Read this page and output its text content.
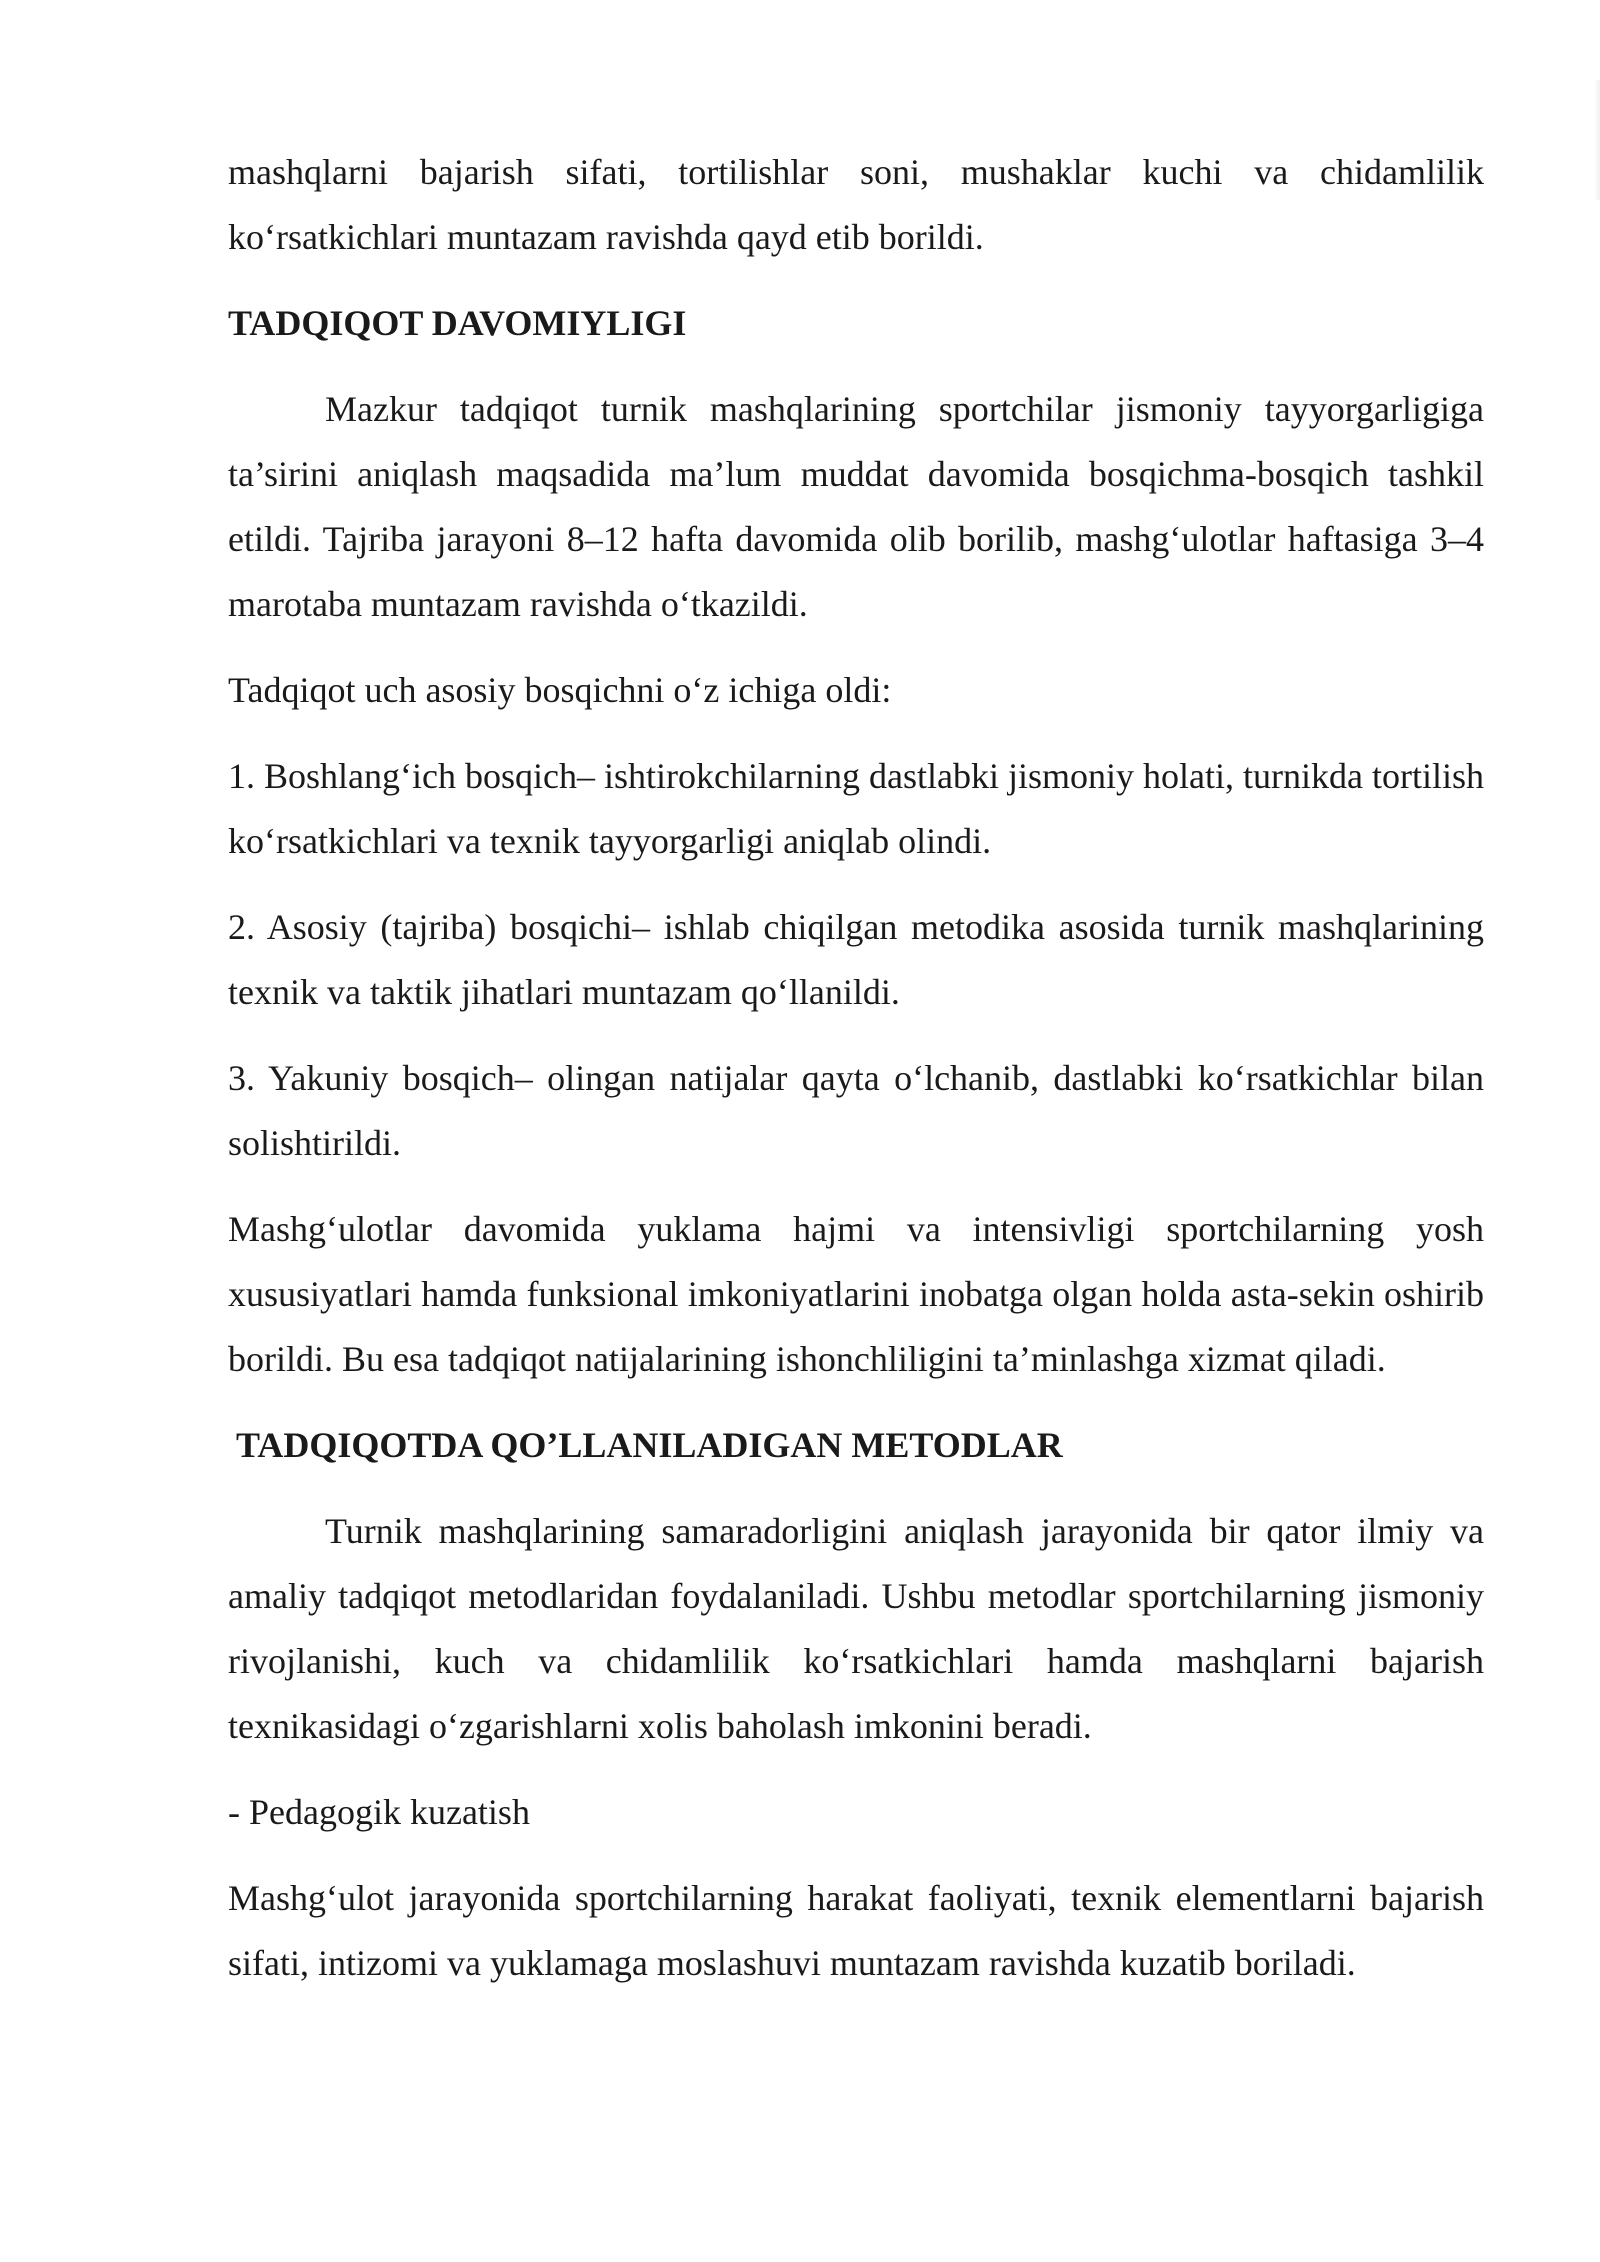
mashqlarni bajarish sifati, tortilishlar soni, mushaklar kuchi va chidamlilik ko‘rsatkichlari muntazam ravishda qayd etib borildi.

TADQIQOT DAVOMIYLIGI

Mazkur tadqiqot turnik mashqlarining sportchilar jismoniy tayyorgarligiga ta’sirini aniqlash maqsadida ma’lum muddat davomida bosqichma-bosqich tashkil etildi. Tajriba jarayoni 8–12 hafta davomida olib borilib, mashg‘ulotlar haftasiga 3–4 marotaba muntazam ravishda o‘tkazildi.

Tadqiqot uch asosiy bosqichni o‘z ichiga oldi:

1. Boshlang‘ich bosqich– ishtirokchilarning dastlabki jismoniy holati, turnikda tortilish ko‘rsatkichlari va texnik tayyorgarligi aniqlab olindi.

2. Asosiy (tajriba) bosqichi– ishlab chiqilgan metodika asosida turnik mashqlarining texnik va taktik jihatlari muntazam qo‘llanildi.

3. Yakuniy bosqich– olingan natijalar qayta o‘lchanib, dastlabki ko‘rsatkichlar bilan solishtirildi.

Mashg‘ulotlar davomida yuklama hajmi va intensivligi sportchilarning yosh xususiyatlari hamda funksional imkoniyatlarini inobatga olgan holda asta-sekin oshirib borildi. Bu esa tadqiqot natijalarining ishonchliligini ta’minlashga xizmat qiladi.

TADQIQOTDA QO’LLANILADIGAN METODLAR

Turnik mashqlarining samaradorligini aniqlash jarayonida bir qator ilmiy va amaliy tadqiqot metodlaridan foydalaniladi. Ushbu metodlar sportchilarning jismoniy rivojlanishi, kuch va chidamlilik ko‘rsatkichlari hamda mashqlarni bajarish texnikasidagi o‘zgarishlarni xolis baholash imkonini beradi.

- Pedagogik kuzatish

Mashg‘ulot jarayonida sportchilarning harakat faoliyati, texnik elementlarni bajarish sifati, intizomi va yuklamaga moslashuvi muntazam ravishda kuzatib boriladi.
